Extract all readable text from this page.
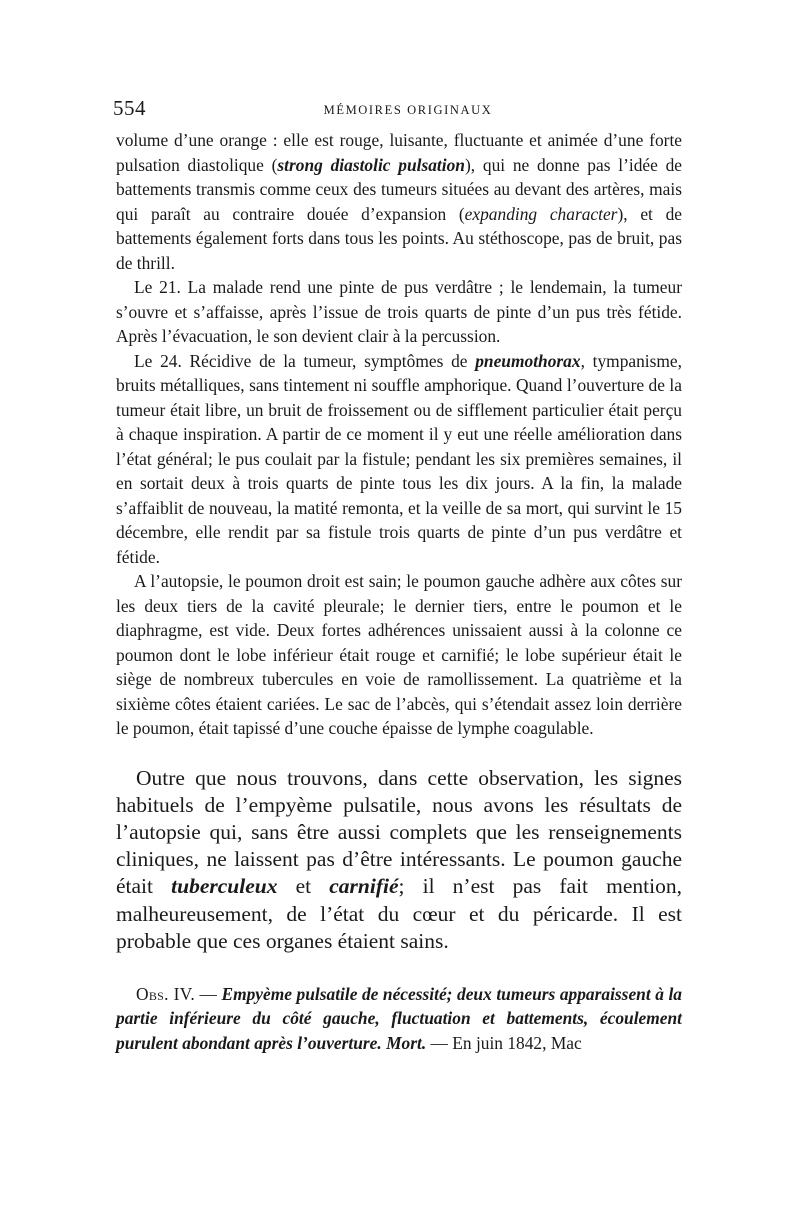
554	MÉMOIRES ORIGINAUX

volume d’une orange : elle est rouge, luisante, fluctuante et animée d’une forte pulsation diastolique (strong diastolic pulsation), qui ne donne pas l’idée de battements transmis comme ceux des tumeurs situées au devant des artères, mais qui paraît au contraire douée d’expansion (expanding character), et de battements également forts dans tous les points. Au stéthoscope, pas de bruit, pas de thrill.

Le 21. La malade rend une pinte de pus verdâtre ; le lendemain, la tumeur s’ouvre et s’affaisse, après l’issue de trois quarts de pinte d’un pus très fétide. Après l’évacuation, le son devient clair à la percussion.

Le 24. Récidive de la tumeur, symptômes de pneumothorax, tympanisme, bruits métalliques, sans tintement ni souffle amphorique. Quand l’ouverture de la tumeur était libre, un bruit de froissement ou de sifflement particulier était perçu à chaque inspiration. A partir de ce moment il y eut une réelle amélioration dans l’état général; le pus coulait par la fistule; pendant les six premières semaines, il en sortait deux à trois quarts de pinte tous les dix jours. A la fin, la malade s’affaiblit de nouveau, la matité remonta, et la veille de sa mort, qui survint le 15 décembre, elle rendit par sa fistule trois quarts de pinte d’un pus verdâtre et fétide.

A l’autopsie, le poumon droit est sain; le poumon gauche adhère aux côtes sur les deux tiers de la cavité pleurale; le dernier tiers, entre le poumon et le diaphragme, est vide. Deux fortes adhérences unissaient aussi à la colonne ce poumon dont le lobe inférieur était rouge et carnifié; le lobe supérieur était le siège de nombreux tubercules en voie de ramollissement. La quatrième et la sixième côtes étaient cariées. Le sac de l’abcès, qui s’étendait assez loin derrière le poumon, était tapissé d’une couche épaisse de lymphe coagulable.

Outre que nous trouvons, dans cette observation, les signes habituels de l’empyème pulsatile, nous avons les résultats de l’autopsie qui, sans être aussi complets que les renseignements cliniques, ne laissent pas d’être intéressants. Le poumon gauche était tuberculeux et carnifié; il n’est pas fait mention, malheureusement, de l’état du cœur et du péricarde. Il est probable que ces organes étaient sains.

Obs. IV. — Empyème pulsatile de nécessité; deux tumeurs apparaissent à la partie inférieure du côté gauche, fluctuation et battements, écoulement purulent abondant après l’ouverture. Mort. — En juin 1842, Mac
